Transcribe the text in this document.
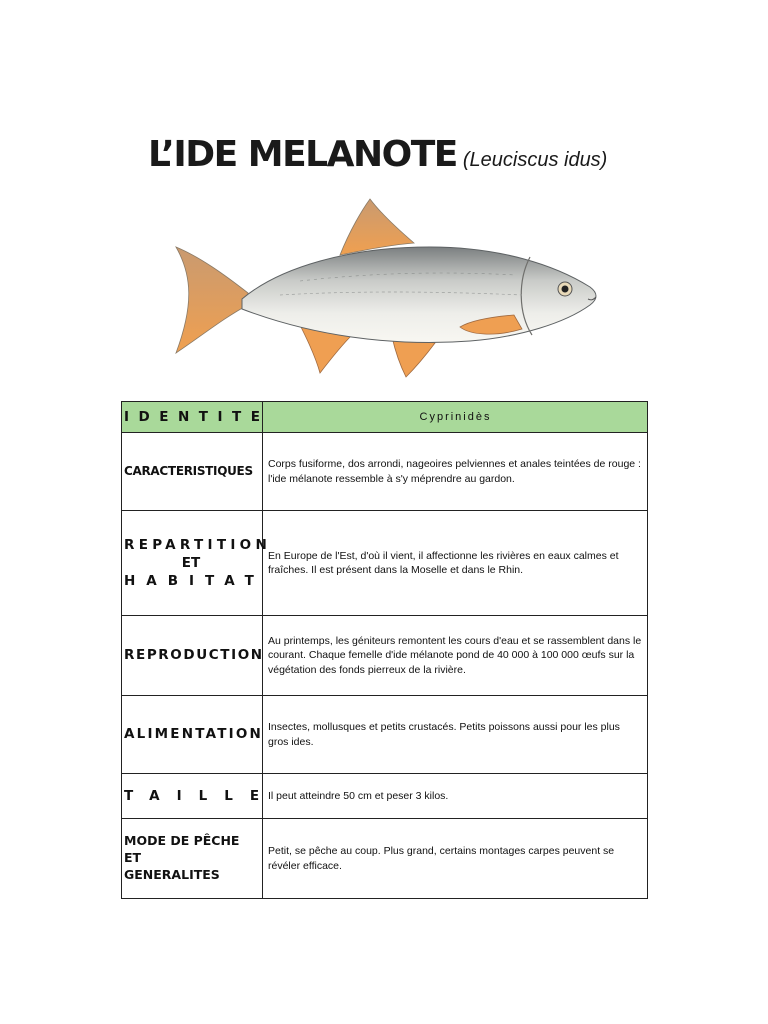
L’IDE MELANOTE (Leuciscus idus)
IDENTITE	Cyprinidès
CARACTERISTIQUES	Corps fusiforme, dos arrondi, nageoires pelviennes et anales teintées de rouge : l'ide mélanote ressemble à s'y méprendre au gardon.

REPARTITION
ET
HABITAT	En Europe de l'Est, d'où il vient, il affectionne les rivières en eaux calmes et fraîches. Il est présent dans la Moselle et dans le Rhin.
REPRODUCTION	Au printemps, les géniteurs remontent les cours d'eau et se rassemblent dans le courant. Chaque femelle d'ide mélanote pond de 40 000 à 100 000 œufs sur la végétation des fonds pierreux de la rivière.
ALIMENTATION	Insectes, mollusques et petits crustacés. Petits poissons aussi pour les plus gros ides.
TAILLE	Il peut atteindre 50 cm et peser 3 kilos.

MODE DE PÊCHE
ET
GENERALITES	Petit, se pêche au coup. Plus grand, certains montages carpes peuvent se révéler efficace.
